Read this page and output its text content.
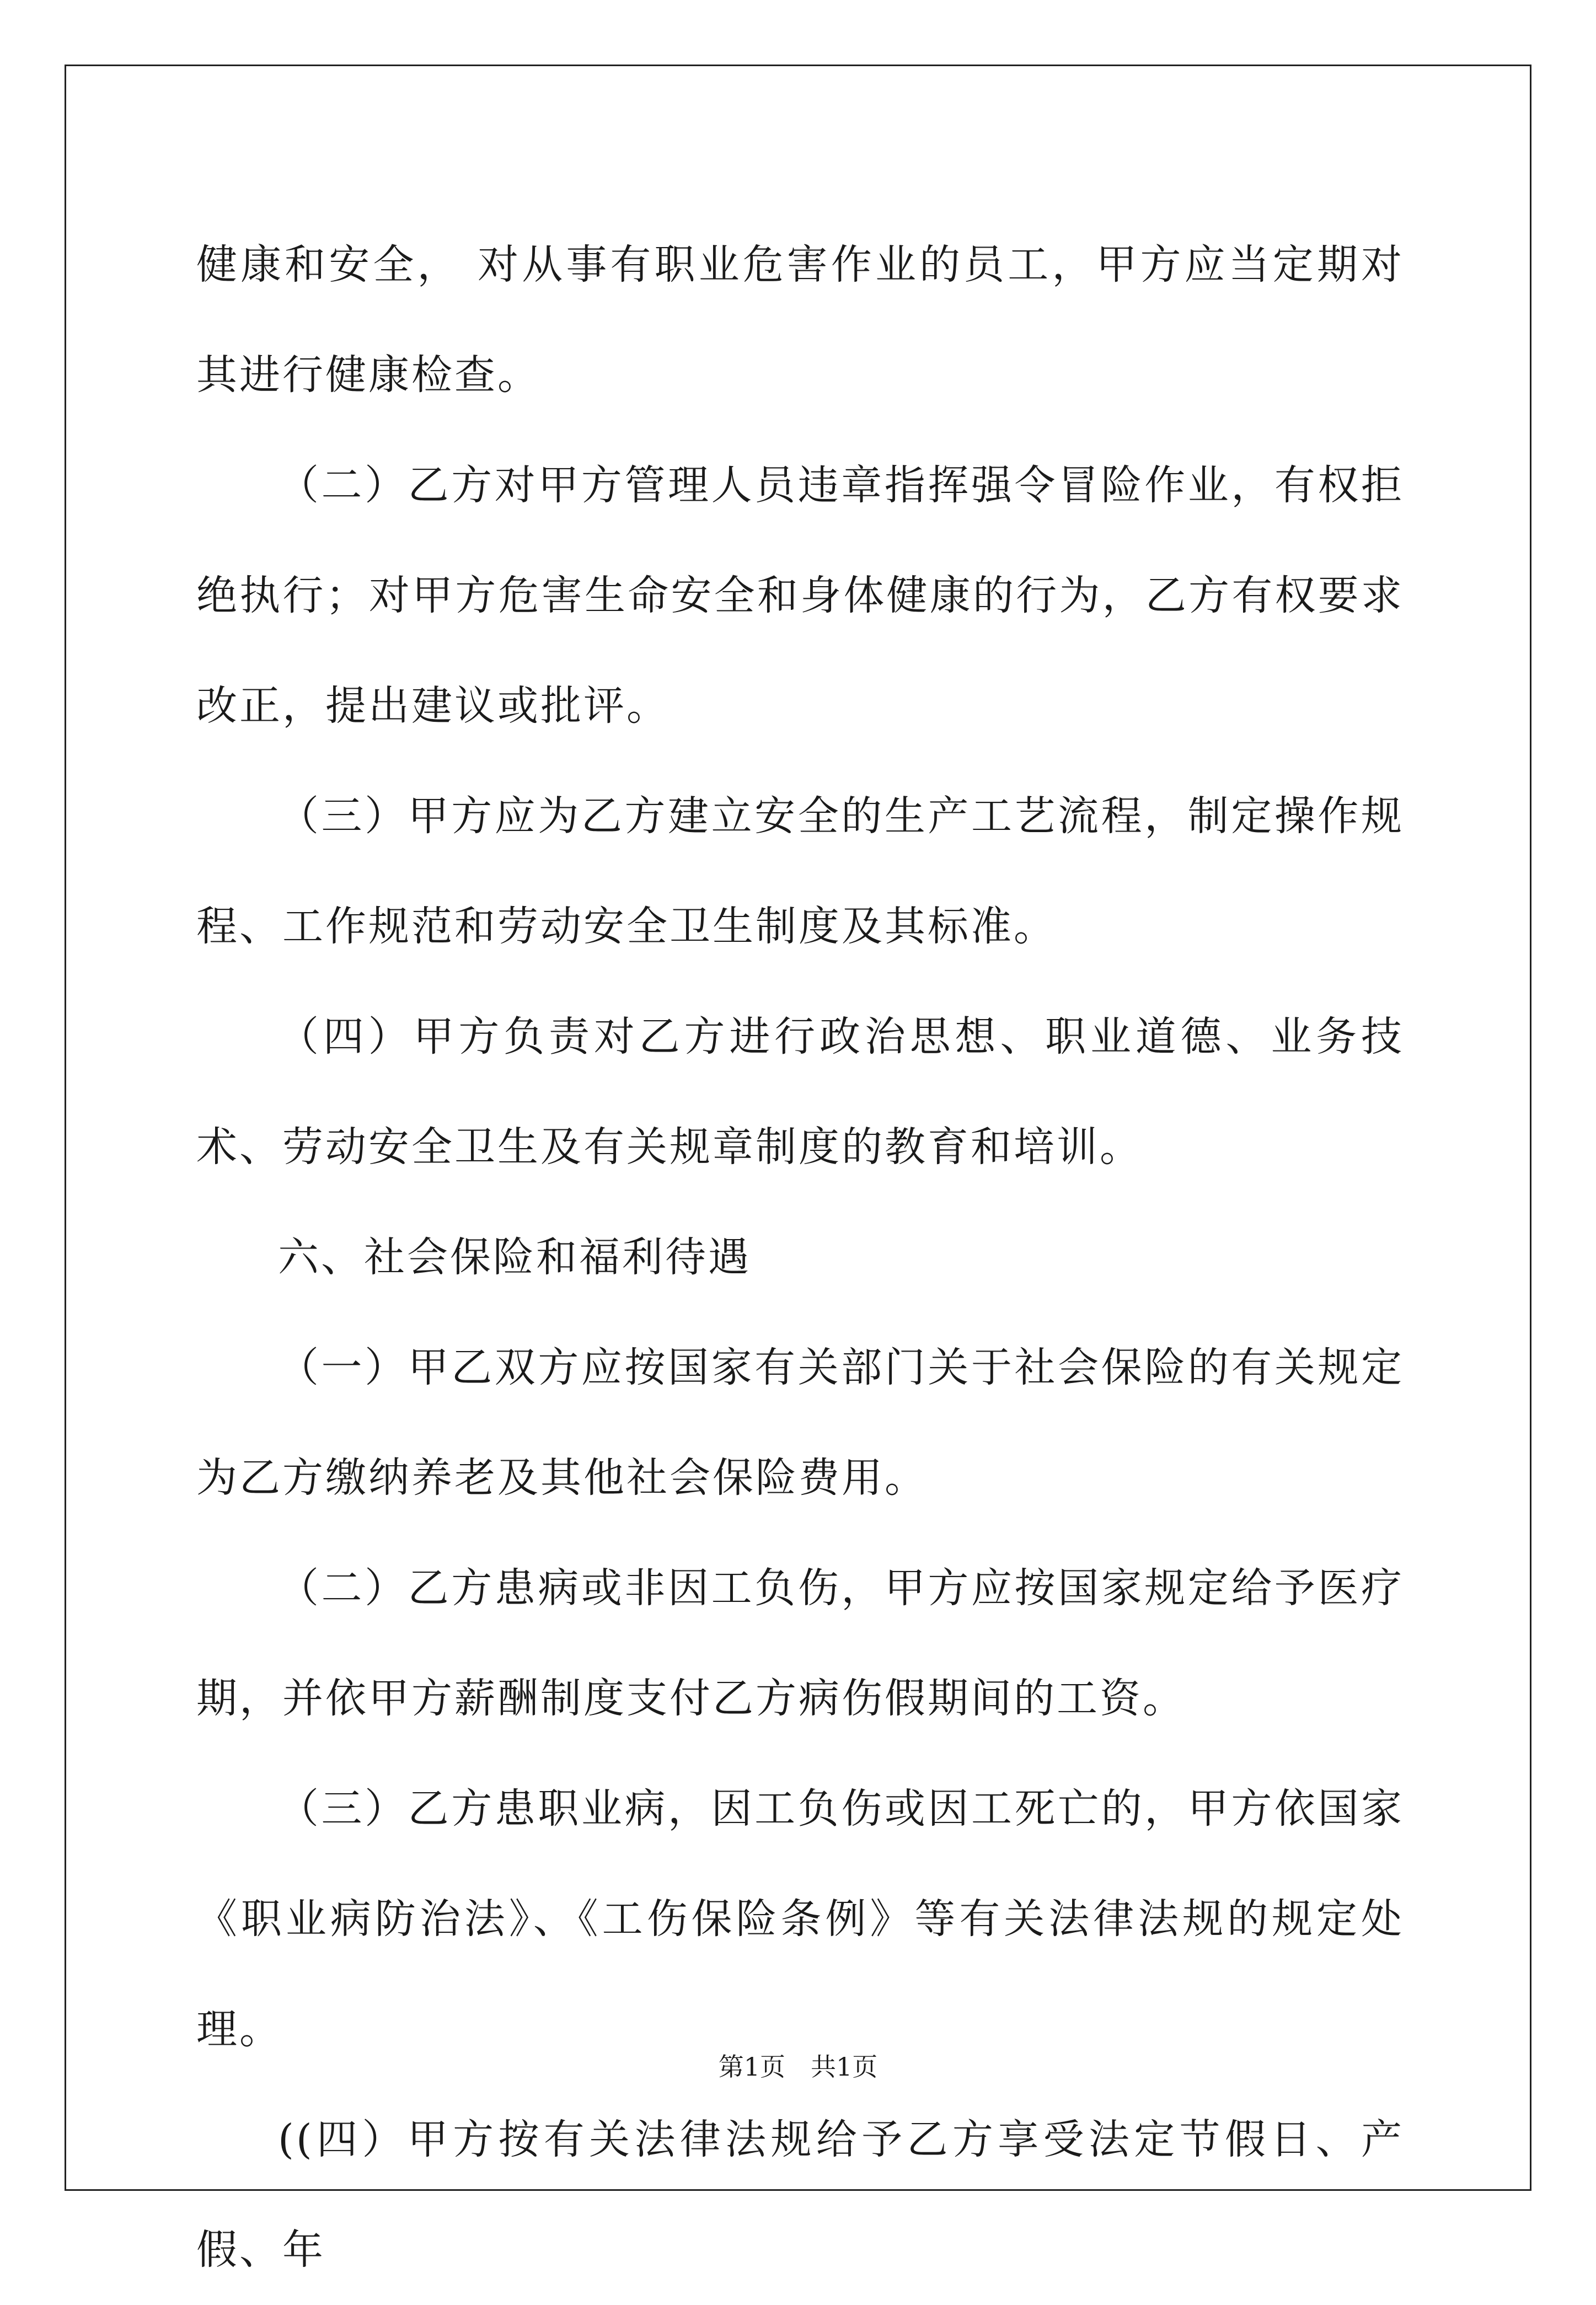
健康和安全， 对从事有职业危害作业的员工，甲方应当定期对其进行健康检查。

（二）乙方对甲方管理人员违章指挥强令冒险作业，有权拒绝执行；对甲方危害生命安全和身体健康的行为，乙方有权要求改正，提出建议或批评。

（三）甲方应为乙方建立安全的生产工艺流程，制定操作规程、工作规范和劳动安全卫生制度及其标准。

（四）甲方负责对乙方进行政治思想、职业道德、业务技术、劳动安全卫生及有关规章制度的教育和培训。

六、社会保险和福利待遇

（一）甲乙双方应按国家有关部门关于社会保险的有关规定为乙方缴纳养老及其他社会保险费用。

（二）乙方患病或非因工负伤，甲方应按国家规定给予医疗期，并依甲方薪酬制度支付乙方病伤假期间的工资。

（三）乙方患职业病，因工负伤或因工死亡的，甲方依国家《职业病防治法》、《工伤保险条例》等有关法律法规的规定处理。

((四）甲方按有关法律法规给予乙方享受法定节假日、产假、年

第1页 共1页
